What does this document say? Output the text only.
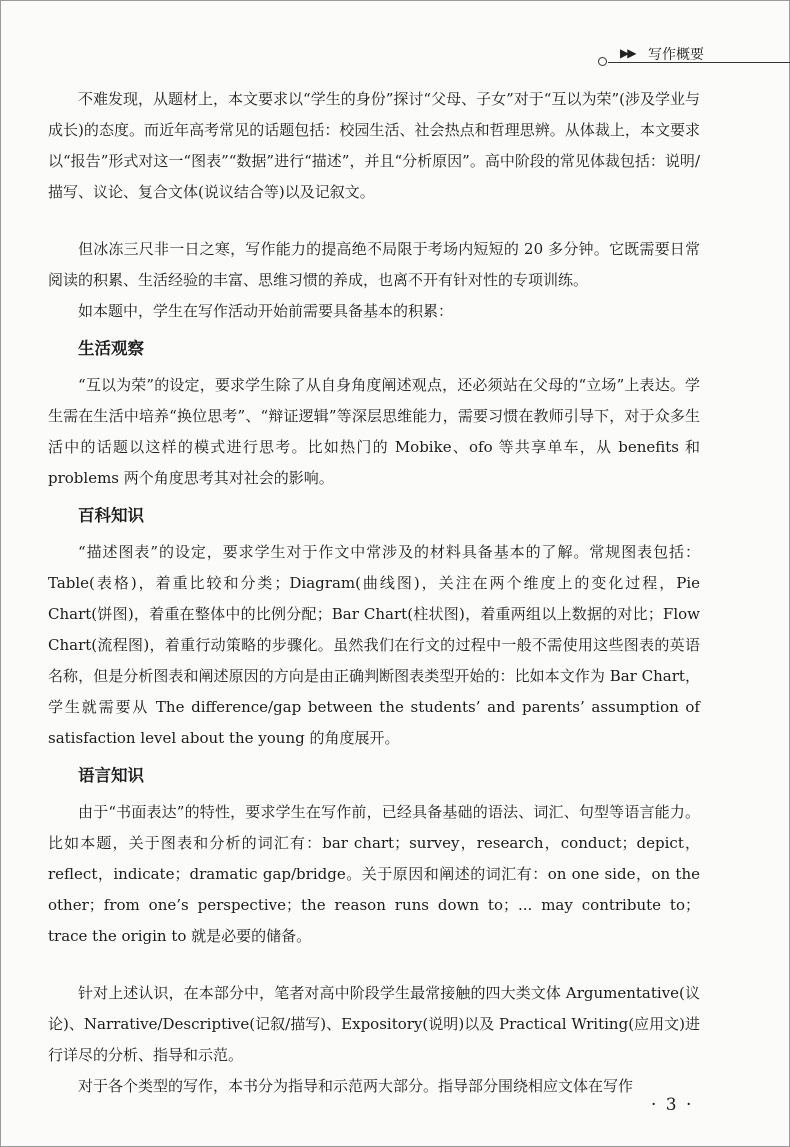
▶▶ 写作概要

不难发现，从题材上，本文要求以“学生的身份”探讨“父母、子女”对于“互以为荣”(涉及学业与成长)的态度。而近年高考常见的话题包括：校园生活、社会热点和哲理思辨。从体裁上，本文要求以“报告”形式对这一“图表”“数据”进行“描述”，并且“分析原因”。高中阶段的常见体裁包括：说明/描写、议论、复合文体(说议结合等)以及记叙文。

但冰冻三尺非一日之寒，写作能力的提高绝不局限于考场内短短的 20 多分钟。它既需要日常阅读的积累、生活经验的丰富、思维习惯的养成，也离不开有针对性的专项训练。

如本题中，学生在写作活动开始前需要具备基本的积累：

生活观察

“互以为荣”的设定，要求学生除了从自身角度阐述观点，还必须站在父母的“立场”上表达。学生需在生活中培养“换位思考”、“辩证逻辑”等深层思维能力，需要习惯在教师引导下，对于众多生活中的话题以这样的模式进行思考。比如热门的 Mobike、ofo 等共享单车，从 benefits 和 problems 两个角度思考其对社会的影响。

百科知识

“描述图表”的设定，要求学生对于作文中常涉及的材料具备基本的了解。常规图表包括：Table(表格)，着重比较和分类；Diagram(曲线图)，关注在两个维度上的变化过程，Pie Chart(饼图)，着重在整体中的比例分配；Bar Chart(柱状图)，着重两组以上数据的对比；Flow Chart(流程图)，着重行动策略的步骤化。虽然我们在行文的过程中一般不需使用这些图表的英语名称，但是分析图表和阐述原因的方向是由正确判断图表类型开始的：比如本文作为 Bar Chart，学生就需要从 The difference/gap between the students’ and parents’ assumption of satisfaction level about the young 的角度展开。

语言知识

由于“书面表达”的特性，要求学生在写作前，已经具备基础的语法、词汇、句型等语言能力。比如本题，关于图表和分析的词汇有：bar chart；survey，research，conduct；depict，reflect，indicate；dramatic gap/bridge。关于原因和阐述的词汇有：on one side，on the other；from one’s perspective；the reason runs down to；... may contribute to；trace the origin to 就是必要的储备。

针对上述认识，在本部分中，笔者对高中阶段学生最常接触的四大类文体 Argumentative(议论)、Narrative/Descriptive(记叙/描写)、Expository(说明)以及 Practical Writing(应用文)进行详尽的分析、指导和示范。

对于各个类型的写作，本书分为指导和示范两大部分。指导部分围绕相应文体在写作

· 3 ·
